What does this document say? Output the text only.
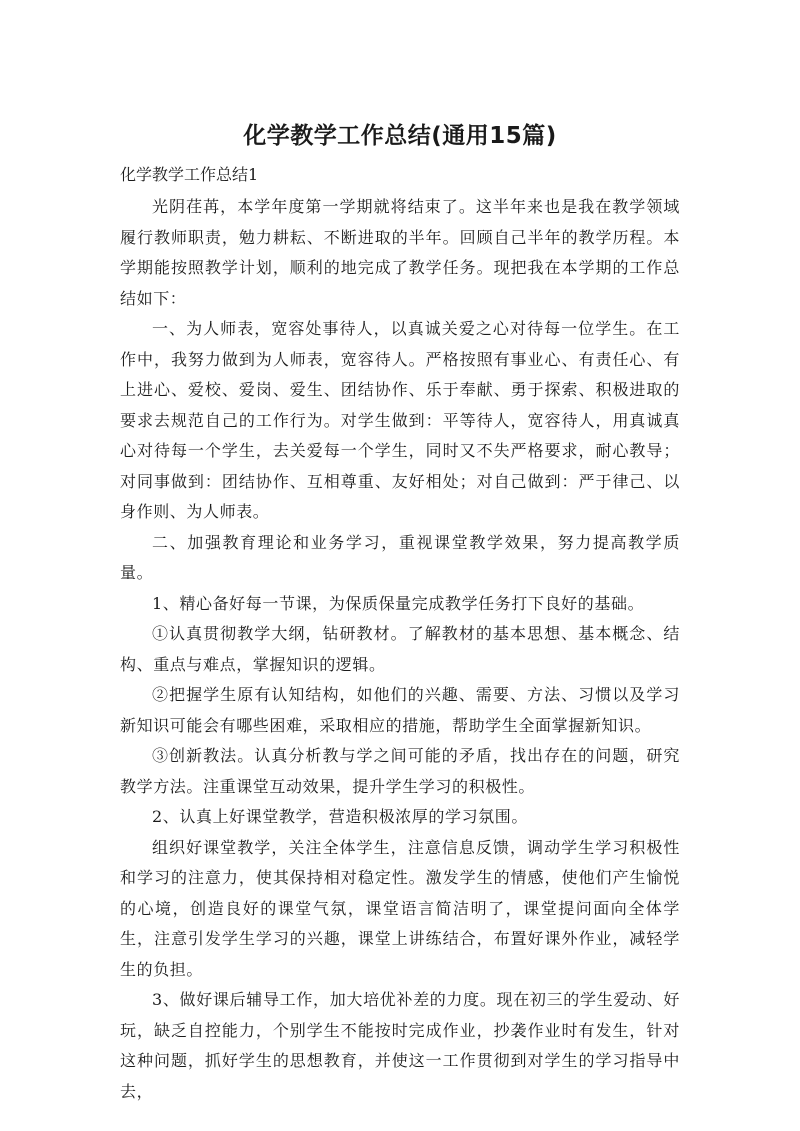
化学教学工作总结(通用15篇)
化学教学工作总结1

光阴荏苒，本学年度第一学期就将结束了。这半年来也是我在教学领域履行教师职责，勉力耕耘、不断进取的半年。回顾自己半年的教学历程。本学期能按照教学计划，顺利的地完成了教学任务。现把我在本学期的工作总结如下：

一、为人师表，宽容处事待人，以真诚关爱之心对待每一位学生。在工作中，我努力做到为人师表，宽容待人。严格按照有事业心、有责任心、有上进心、爱校、爱岗、爱生、团结协作、乐于奉献、勇于探索、积极进取的要求去规范自己的工作行为。对学生做到：平等待人，宽容待人，用真诚真心对待每一个学生，去关爱每一个学生，同时又不失严格要求，耐心教导；对同事做到：团结协作、互相尊重、友好相处；对自己做到：严于律己、以身作则、为人师表。

二、加强教育理论和业务学习，重视课堂教学效果，努力提高教学质量。

1、精心备好每一节课，为保质保量完成教学任务打下良好的基础。

①认真贯彻教学大纲，钻研教材。了解教材的基本思想、基本概念、结构、重点与难点，掌握知识的逻辑。

②把握学生原有认知结构，如他们的兴趣、需要、方法、习惯以及学习新知识可能会有哪些困难，采取相应的措施，帮助学生全面掌握新知识。

③创新教法。认真分析教与学之间可能的矛盾，找出存在的问题，研究教学方法。注重课堂互动效果，提升学生学习的积极性。

2、认真上好课堂教学，营造积极浓厚的学习氛围。

组织好课堂教学，关注全体学生，注意信息反馈，调动学生学习积极性和学习的注意力，使其保持相对稳定性。激发学生的情感，使他们产生愉悦的心境，创造良好的课堂气氛，课堂语言简洁明了，课堂提问面向全体学生，注意引发学生学习的兴趣，课堂上讲练结合，布置好课外作业，减轻学生的负担。

3、做好课后辅导工作，加大培优补差的力度。现在初三的学生爱动、好玩，缺乏自控能力，个别学生不能按时完成作业，抄袭作业时有发生，针对这种问题，抓好学生的思想教育，并使这一工作贯彻到对学生的学习指导中去，
